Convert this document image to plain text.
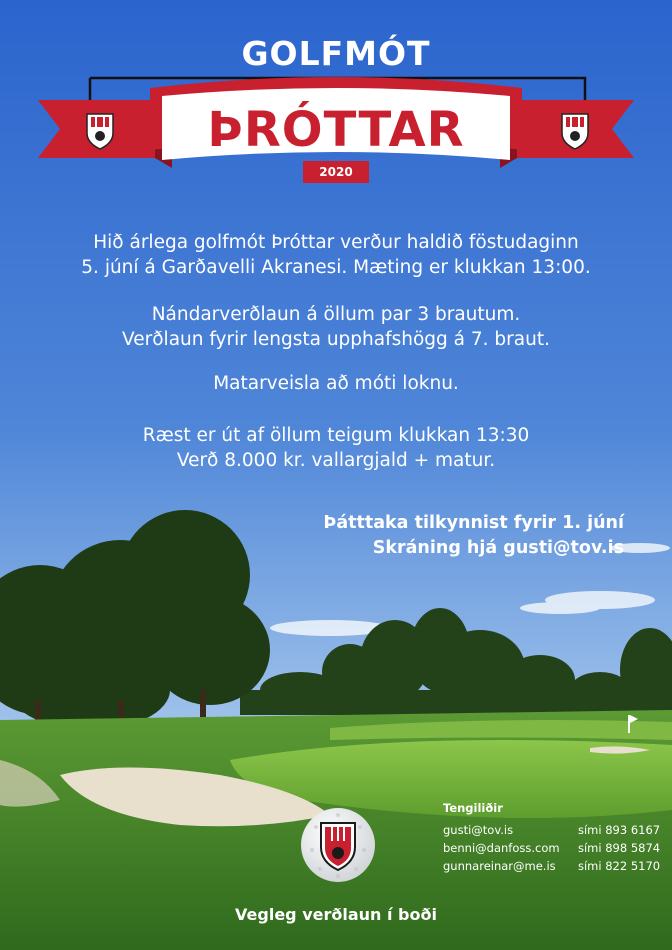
GOLFMÓT
ÞRÓTTAR
2020
Hið árlega golfmót Þróttar verður haldið föstudaginn
5. júní á Garðavelli Akranesi. Mæting er klukkan 13:00.
Nándarverðlaun á öllum par 3 brautum.
Verðlaun fyrir lengsta upphafshögg á 7. braut.
Matarveisla að móti loknu.
Ræst er út af öllum teigum klukkan 13:30
Verð 8.000 kr. vallargjald + matur.
Þátttaka tilkynnist fyrir 1. júní
Skráning hjá gusti@tov.is
Tengiliðir
gusti@tov.is	sími 893 6167
benni@danfoss.com	sími 898 5874
gunnareinar@me.is	sími 822 5170
Vegleg verðlaun í boði
